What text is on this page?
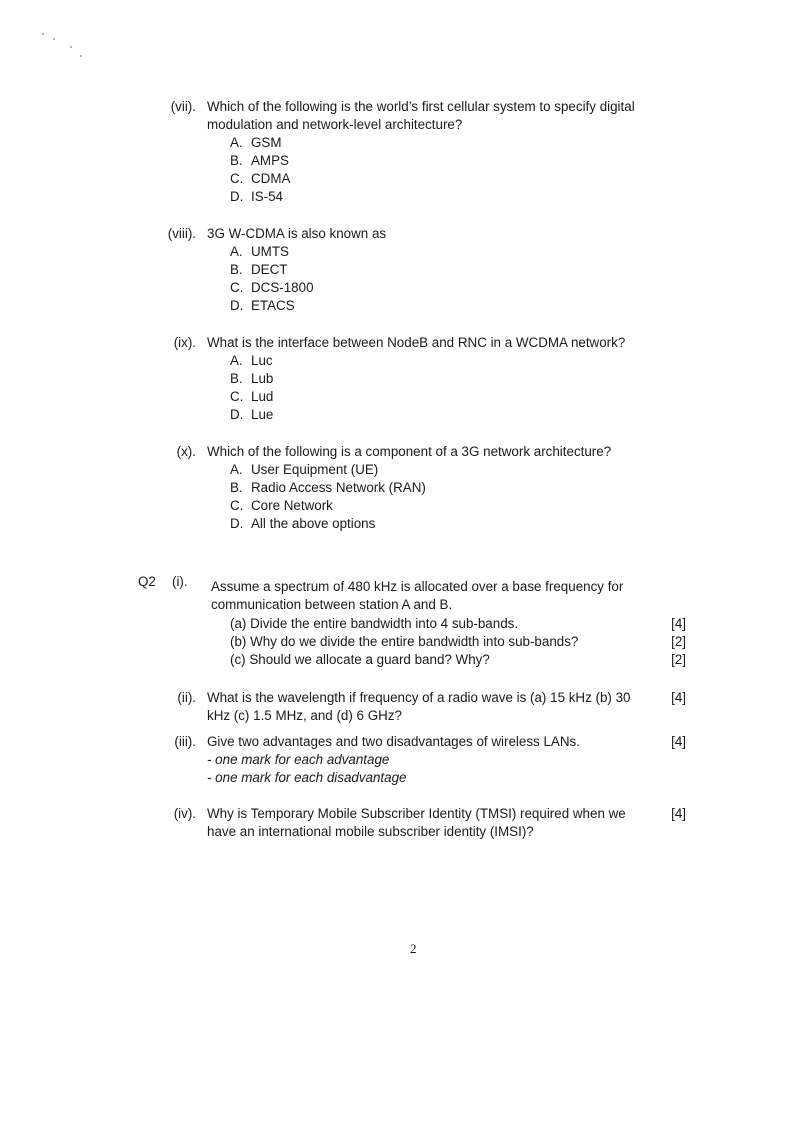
(vii). Which of the following is the world’s first cellular system to specify digital
modulation and network-level architecture?
A. GSM
B. AMPS
C. CDMA
D. IS-54
(viii). 3G W-CDMA is also known as
A. UMTS
B. DECT
C. DCS-1800
D. ETACS
(ix). What is the interface between NodeB and RNC in a WCDMA network?
A. Luc
B. Lub
C. Lud
D. Lue
(x). Which of the following is a component of a 3G network architecture?
A. User Equipment (UE)
B. Radio Access Network (RAN)
C. Core Network
D. All the above options
Q2 (i). Assume a spectrum of 480 kHz is allocated over a base frequency for
communication between station A and B.
(a) Divide the entire bandwidth into 4 sub-bands.	[4]
(b) Why do we divide the entire bandwidth into sub-bands?	[2]
(c) Should we allocate a guard band? Why?	[2]
(ii). What is the wavelength if frequency of a radio wave is (a) 15 kHz (b) 30
kHz (c) 1.5 MHz, and (d) 6 GHz?
[4]
(iii). Give two advantages and two disadvantages of wireless LANs.	[4]
- one mark for each advantage
- one mark for each disadvantage
(iv). Why is Temporary Mobile Subscriber Identity (TMSI) required when we
have an international mobile subscriber identity (IMSI)?
[4]
2
